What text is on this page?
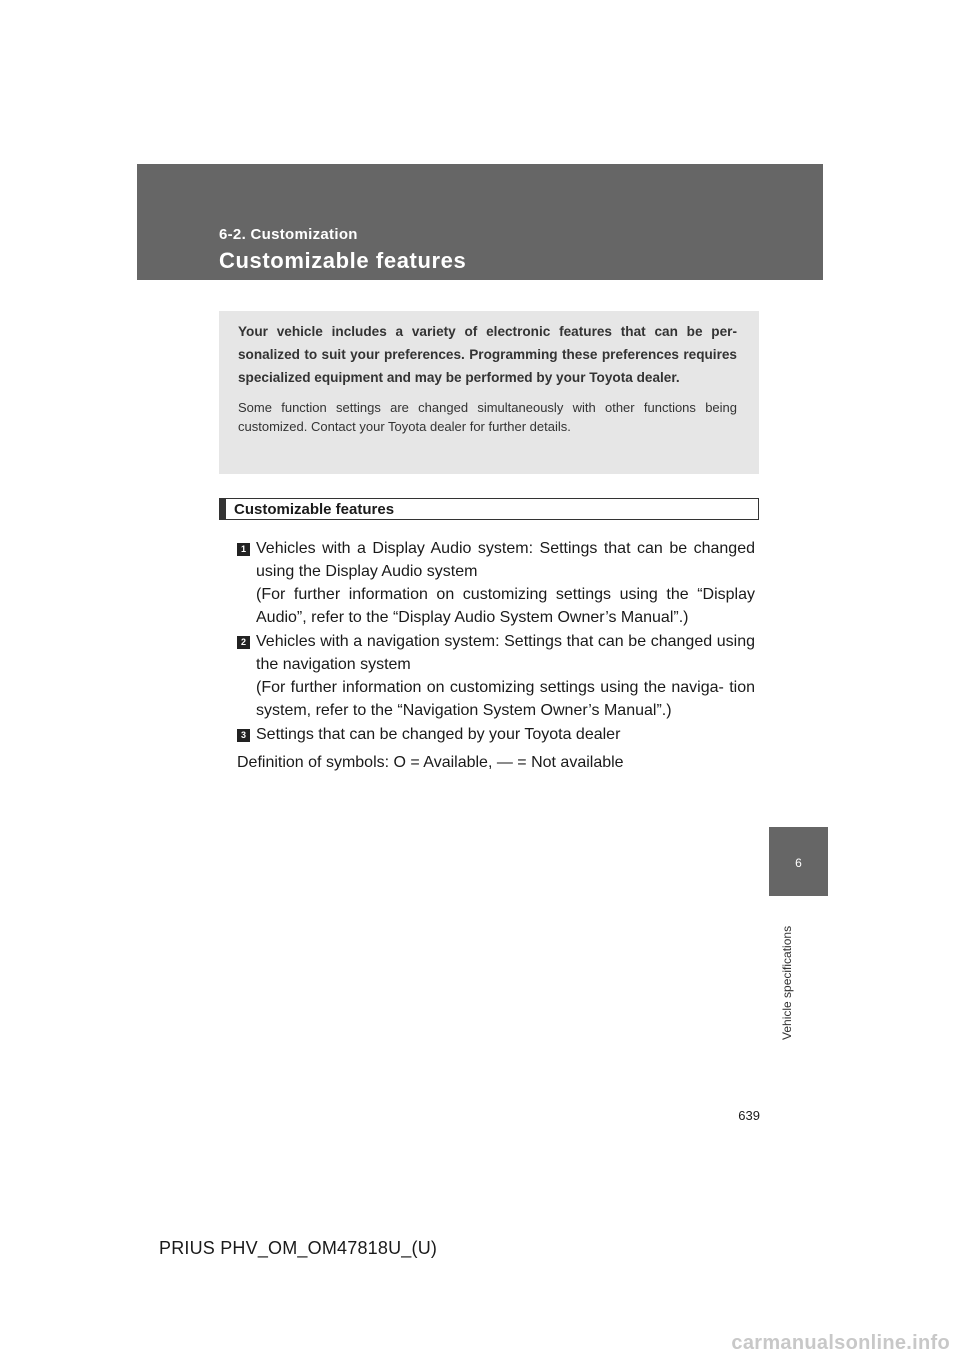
6-2. Customization
Customizable features

Your vehicle includes a variety of electronic features that can be per- sonalized to suit your preferences. Programming these preferences requires specialized equipment and may be performed by your Toyota dealer.

Some function settings are changed simultaneously with other functions being customized. Contact your Toyota dealer for further details.

Customizable features
1 Vehicles with a Display Audio system: Settings that can be changed using the Display Audio system

(For further information on customizing settings using the “Display Audio”, refer to the “Display Audio System Owner’s Manual”.)

2 Vehicles with a navigation system: Settings that can be changed using the navigation system

(For further information on customizing settings using the naviga- tion system, refer to the “Navigation System Owner’s Manual”.)

3 Settings that can be changed by your Toyota dealer

Definition of symbols: O = Available, — = Not available
6
Vehicle specifications
639
PRIUS PHV_OM_OM47818U_(U)
carmanualsonline.info
